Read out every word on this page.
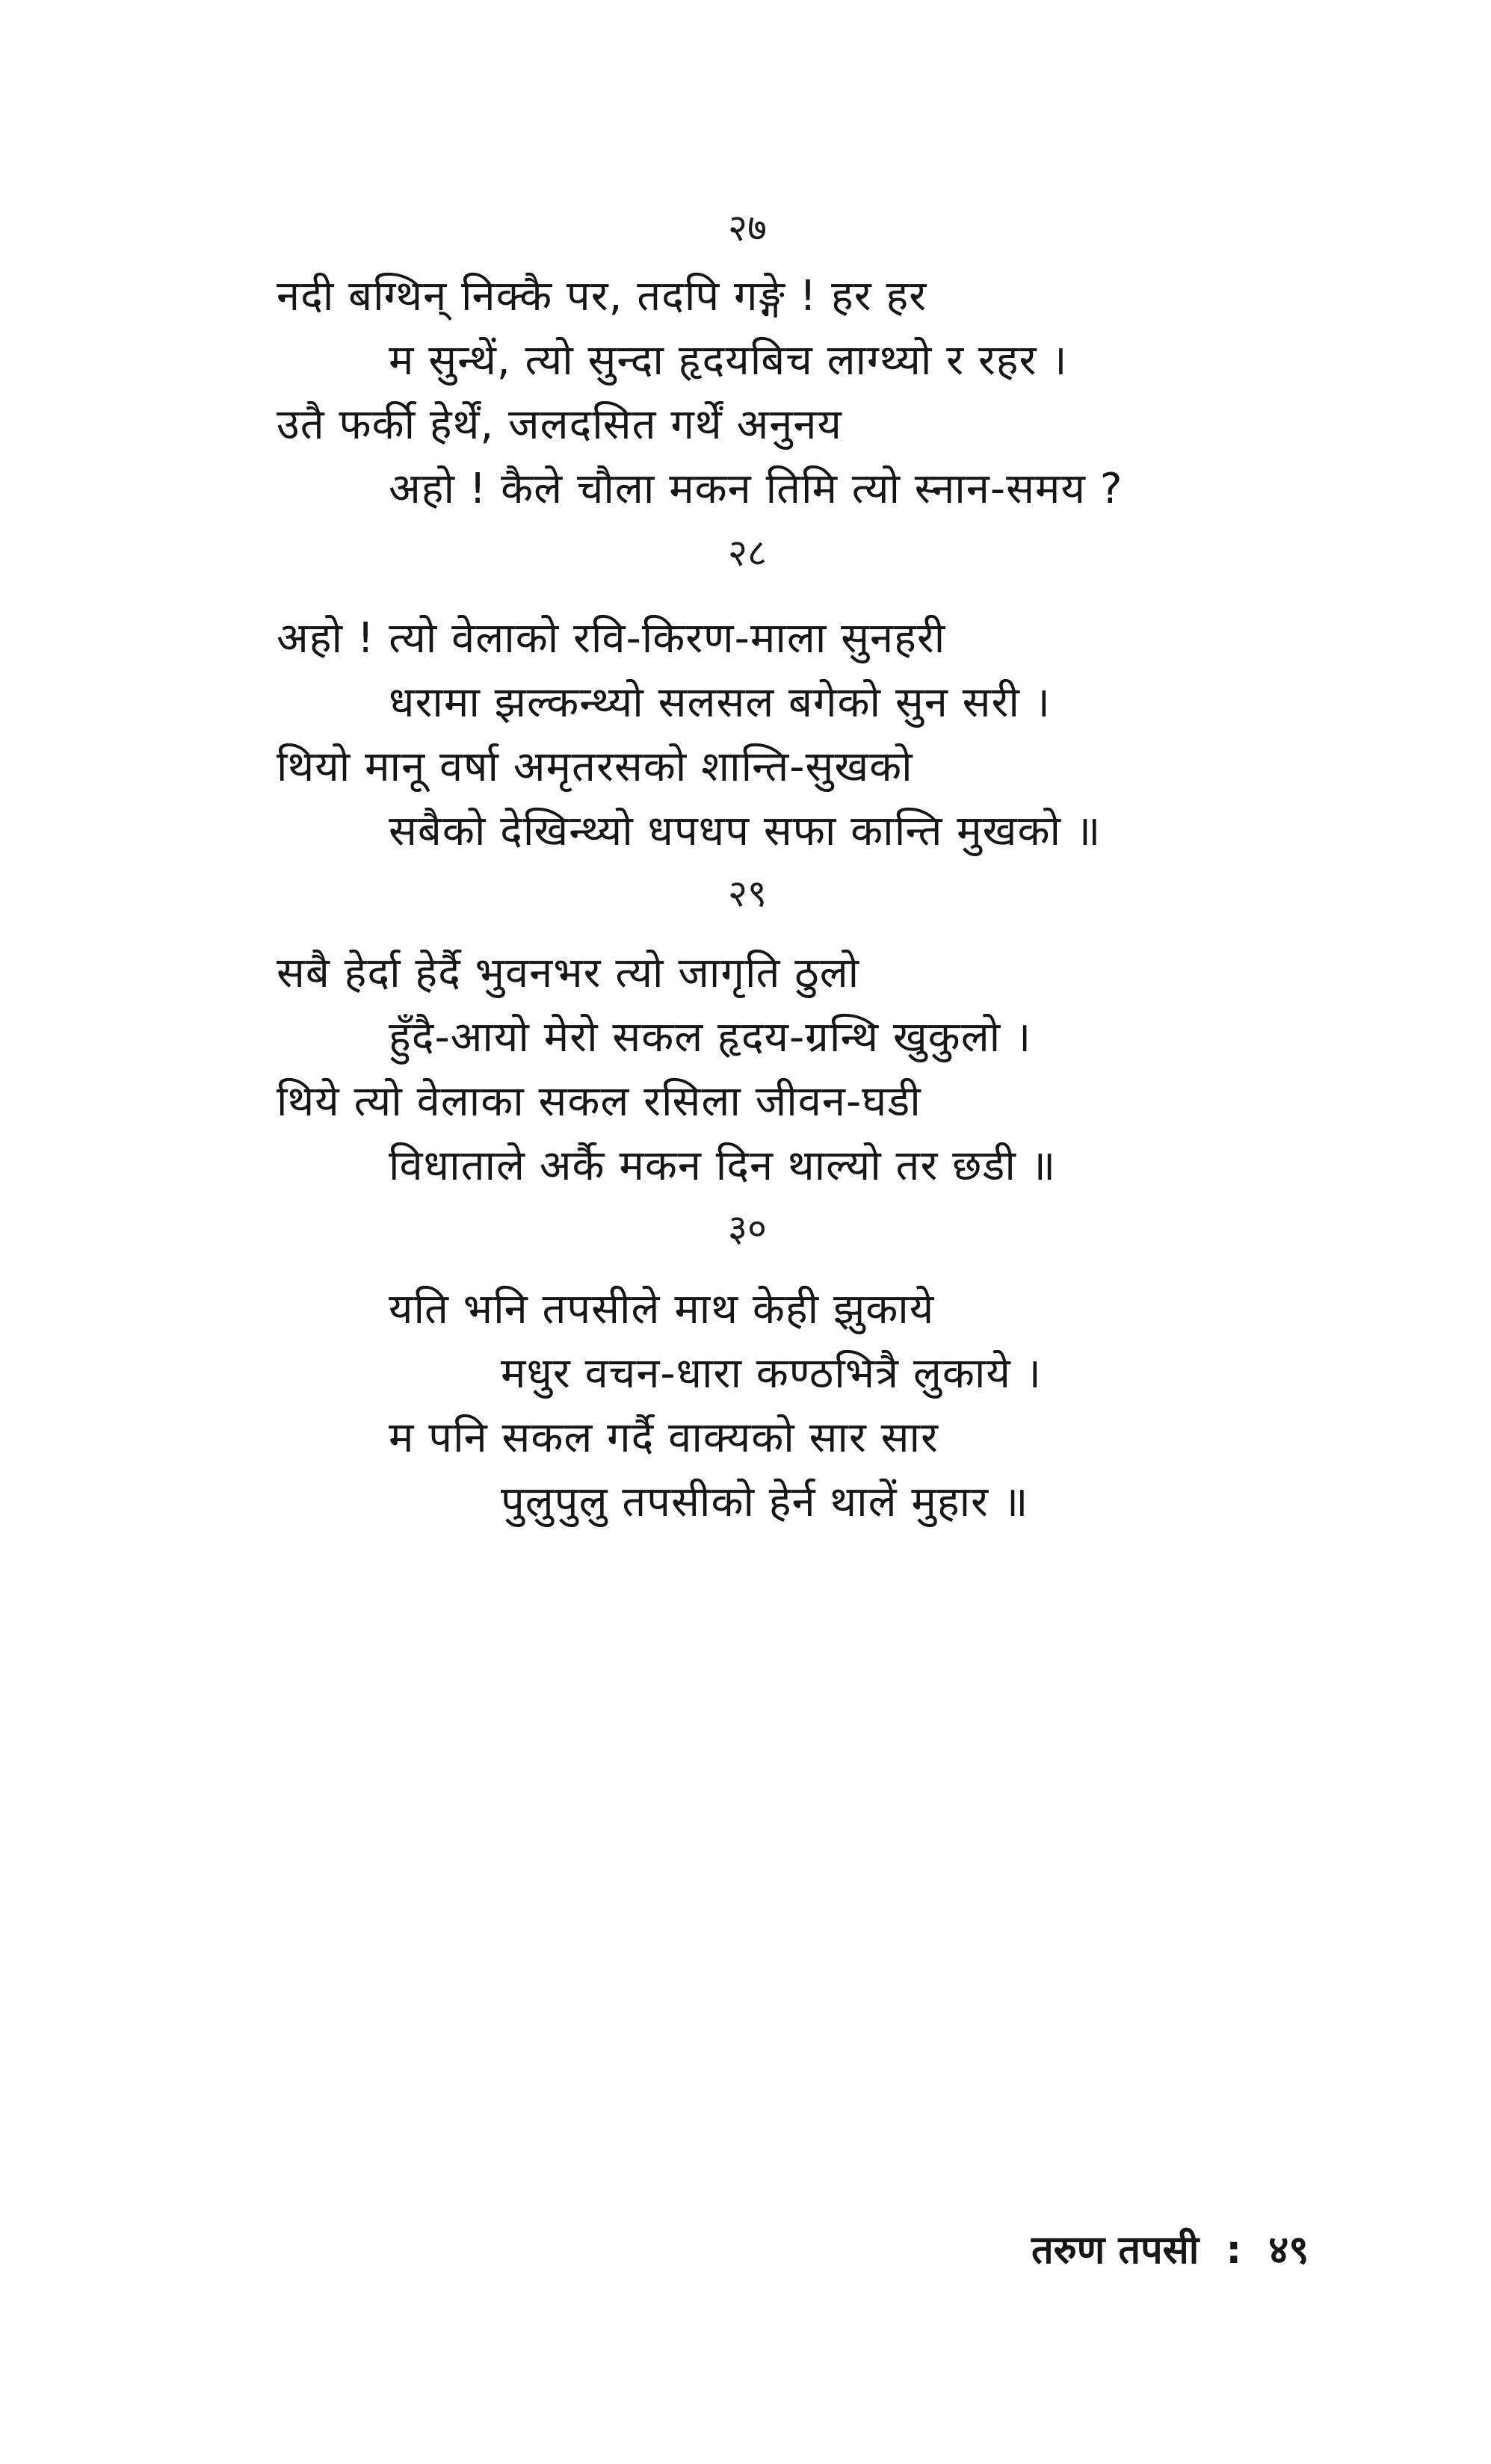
२७
नदी बग्थिन् निक्कै पर, तदपि गङ्गे ! हर हर
म सुन्थें, त्यो सुन्दा हृदयबिच लाग्थ्यो र रहर ।
उतै फर्की हेर्थें, जलदसित गर्थें अनुनय
अहो ! कैले चौला मकन तिमि त्यो स्नान-समय ?
२८
अहो ! त्यो वेलाको रवि-किरण-माला सुनहरी
धरामा झल्कन्थ्यो सलसल बगेको सुन सरी ।
थियो मानू वर्षा अमृतरसको शान्ति-सुखको
सबैको देखिन्थ्यो धपधप सफा कान्ति मुखको ॥
२९
सबै हेर्दा हेर्दै भुवनभर त्यो जागृति ठुलो
हुँदै-आयो मेरो सकल हृदय-ग्रन्थि खुकुलो ।
थिये त्यो वेलाका सकल रसिला जीवन-घडी
विधाताले अर्कै मकन दिन थाल्यो तर छडी ॥
३०
यति भनि तपसीले माथ केही झुकाये
मधुर वचन-धारा कण्ठभित्रै लुकाये ।
म पनि सकल गर्दै वाक्यको सार सार
पुलुपुलु तपसीको हेर्न थालें मुहार ॥
तरुण तपसी : ४९
